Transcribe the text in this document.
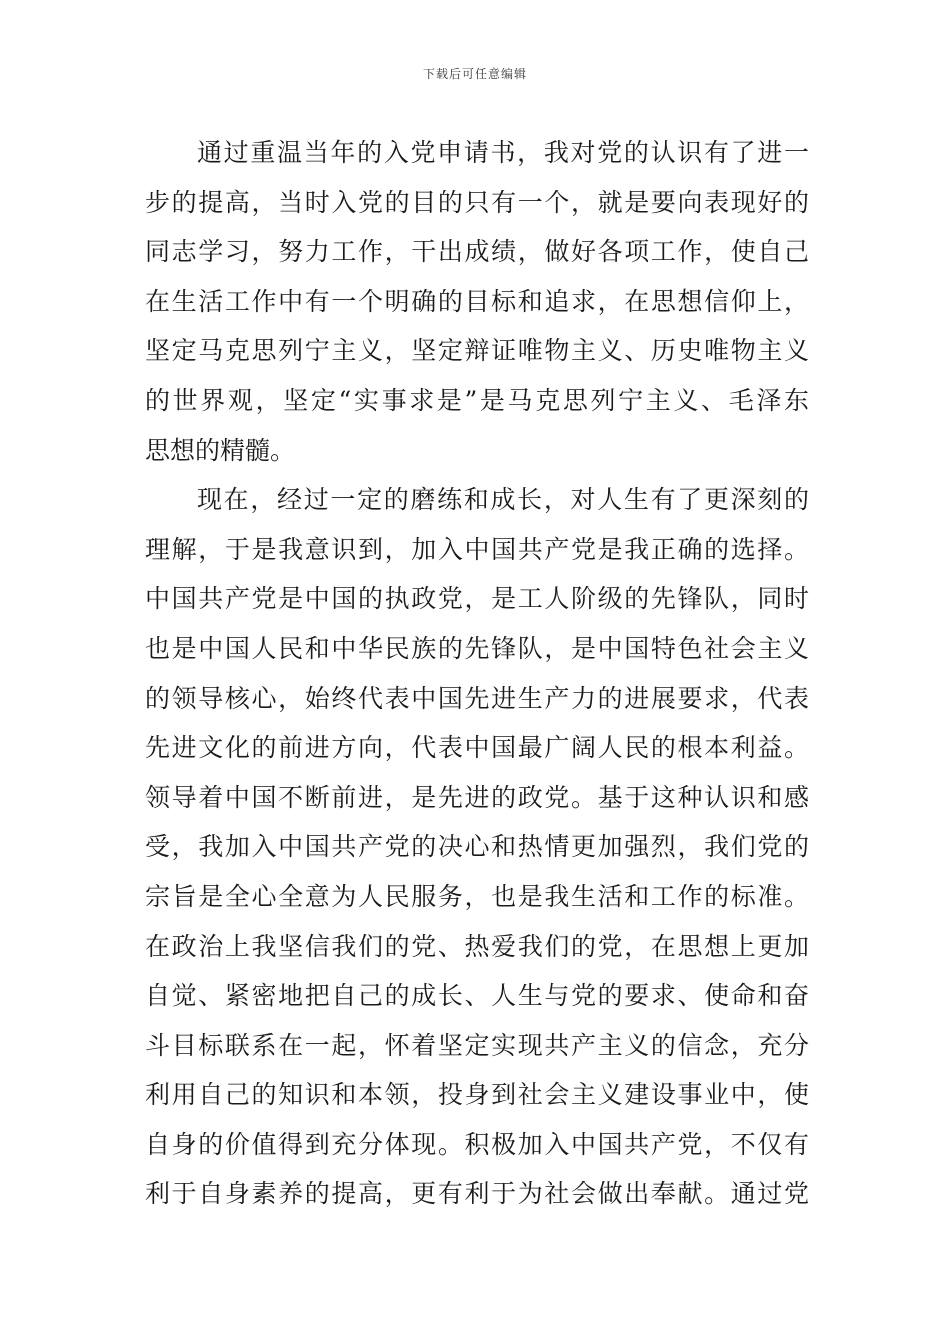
下载后可任意编辑
通过重温当年的入党申请书，我对党的认识有了进一
步的提高，当时入党的目的只有一个，就是要向表现好的
同志学习，努力工作，干出成绩，做好各项工作，使自己
在生活工作中有一个明确的目标和追求，在思想信仰上，
坚定马克思列宁主义，坚定辩证唯物主义、历史唯物主义
的世界观，坚定“实事求是”是马克思列宁主义、毛泽东
思想的精髓。
现在，经过一定的磨练和成长，对人生有了更深刻的
理解，于是我意识到，加入中国共产党是我正确的选择。
中国共产党是中国的执政党，是工人阶级的先锋队，同时
也是中国人民和中华民族的先锋队，是中国特色社会主义
的领导核心，始终代表中国先进生产力的进展要求，代表
先进文化的前进方向，代表中国最广阔人民的根本利益。
领导着中国不断前进，是先进的政党。基于这种认识和感
受，我加入中国共产党的决心和热情更加强烈，我们党的
宗旨是全心全意为人民服务，也是我生活和工作的标准。
在政治上我坚信我们的党、热爱我们的党，在思想上更加
自觉、紧密地把自己的成长、人生与党的要求、使命和奋
斗目标联系在一起，怀着坚定实现共产主义的信念，充分
利用自己的知识和本领，投身到社会主义建设事业中，使
自身的价值得到充分体现。积极加入中国共产党，不仅有
利于自身素养的提高，更有利于为社会做出奉献。通过党
